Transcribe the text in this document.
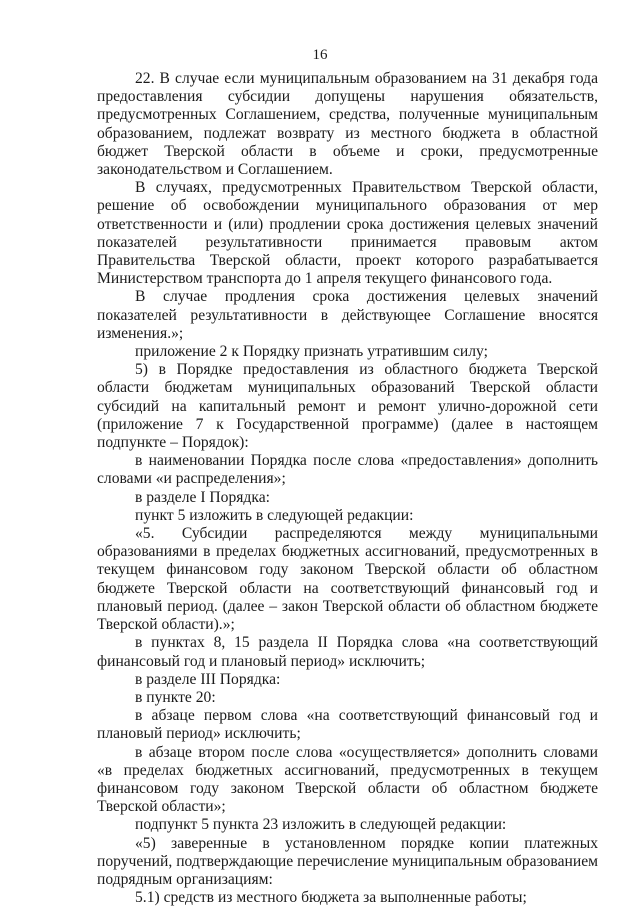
16

22. В случае если муниципальным образованием на 31 декабря года предоставления субсидии допущены нарушения обязательств, предусмотренных Соглашением, средства, полученные муниципальным образованием, подлежат возврату из местного бюджета в областной бюджет Тверской области в объеме и сроки, предусмотренные законодательством и Соглашением.

В случаях, предусмотренных Правительством Тверской области, решение об освобождении муниципального образования от мер ответственности и (или) продлении срока достижения целевых значений показателей результативности принимается правовым актом Правительства Тверской области, проект которого разрабатывается Министерством транспорта до 1 апреля текущего финансового года.

В случае продления срока достижения целевых значений показателей результативности в действующее Соглашение вносятся изменения.»;

приложение 2 к Порядку признать утратившим силу;

5) в Порядке предоставления из областного бюджета Тверской области бюджетам муниципальных образований Тверской области субсидий на капитальный ремонт и ремонт улично-дорожной сети (приложение 7 к Государственной программе) (далее в настоящем подпункте – Порядок):

в наименовании Порядка после слова «предоставления» дополнить словами «и распределения»;

в разделе I Порядка:

пункт 5 изложить в следующей редакции:

«5. Субсидии распределяются между муниципальными образованиями в пределах бюджетных ассигнований, предусмотренных в текущем финансовом году законом Тверской области об областном бюджете Тверской области на соответствующий финансовый год и плановый период. (далее – закон Тверской области об областном бюджете Тверской области).»;

в пунктах 8, 15 раздела II Порядка слова «на соответствующий финансовый год и плановый период» исключить;

в разделе III Порядка:

в пункте 20:

в абзаце первом слова «на соответствующий финансовый год и плановый период» исключить;

в абзаце втором после слова «осуществляется» дополнить словами «в пределах бюджетных ассигнований, предусмотренных в текущем финансовом году законом Тверской области об областном бюджете Тверской области»;

подпункт 5 пункта 23 изложить в следующей редакции:

«5) заверенные в установленном порядке копии платежных поручений, подтверждающие перечисление муниципальным образованием подрядным организациям:

5.1) средств из местного бюджета за выполненные работы;
